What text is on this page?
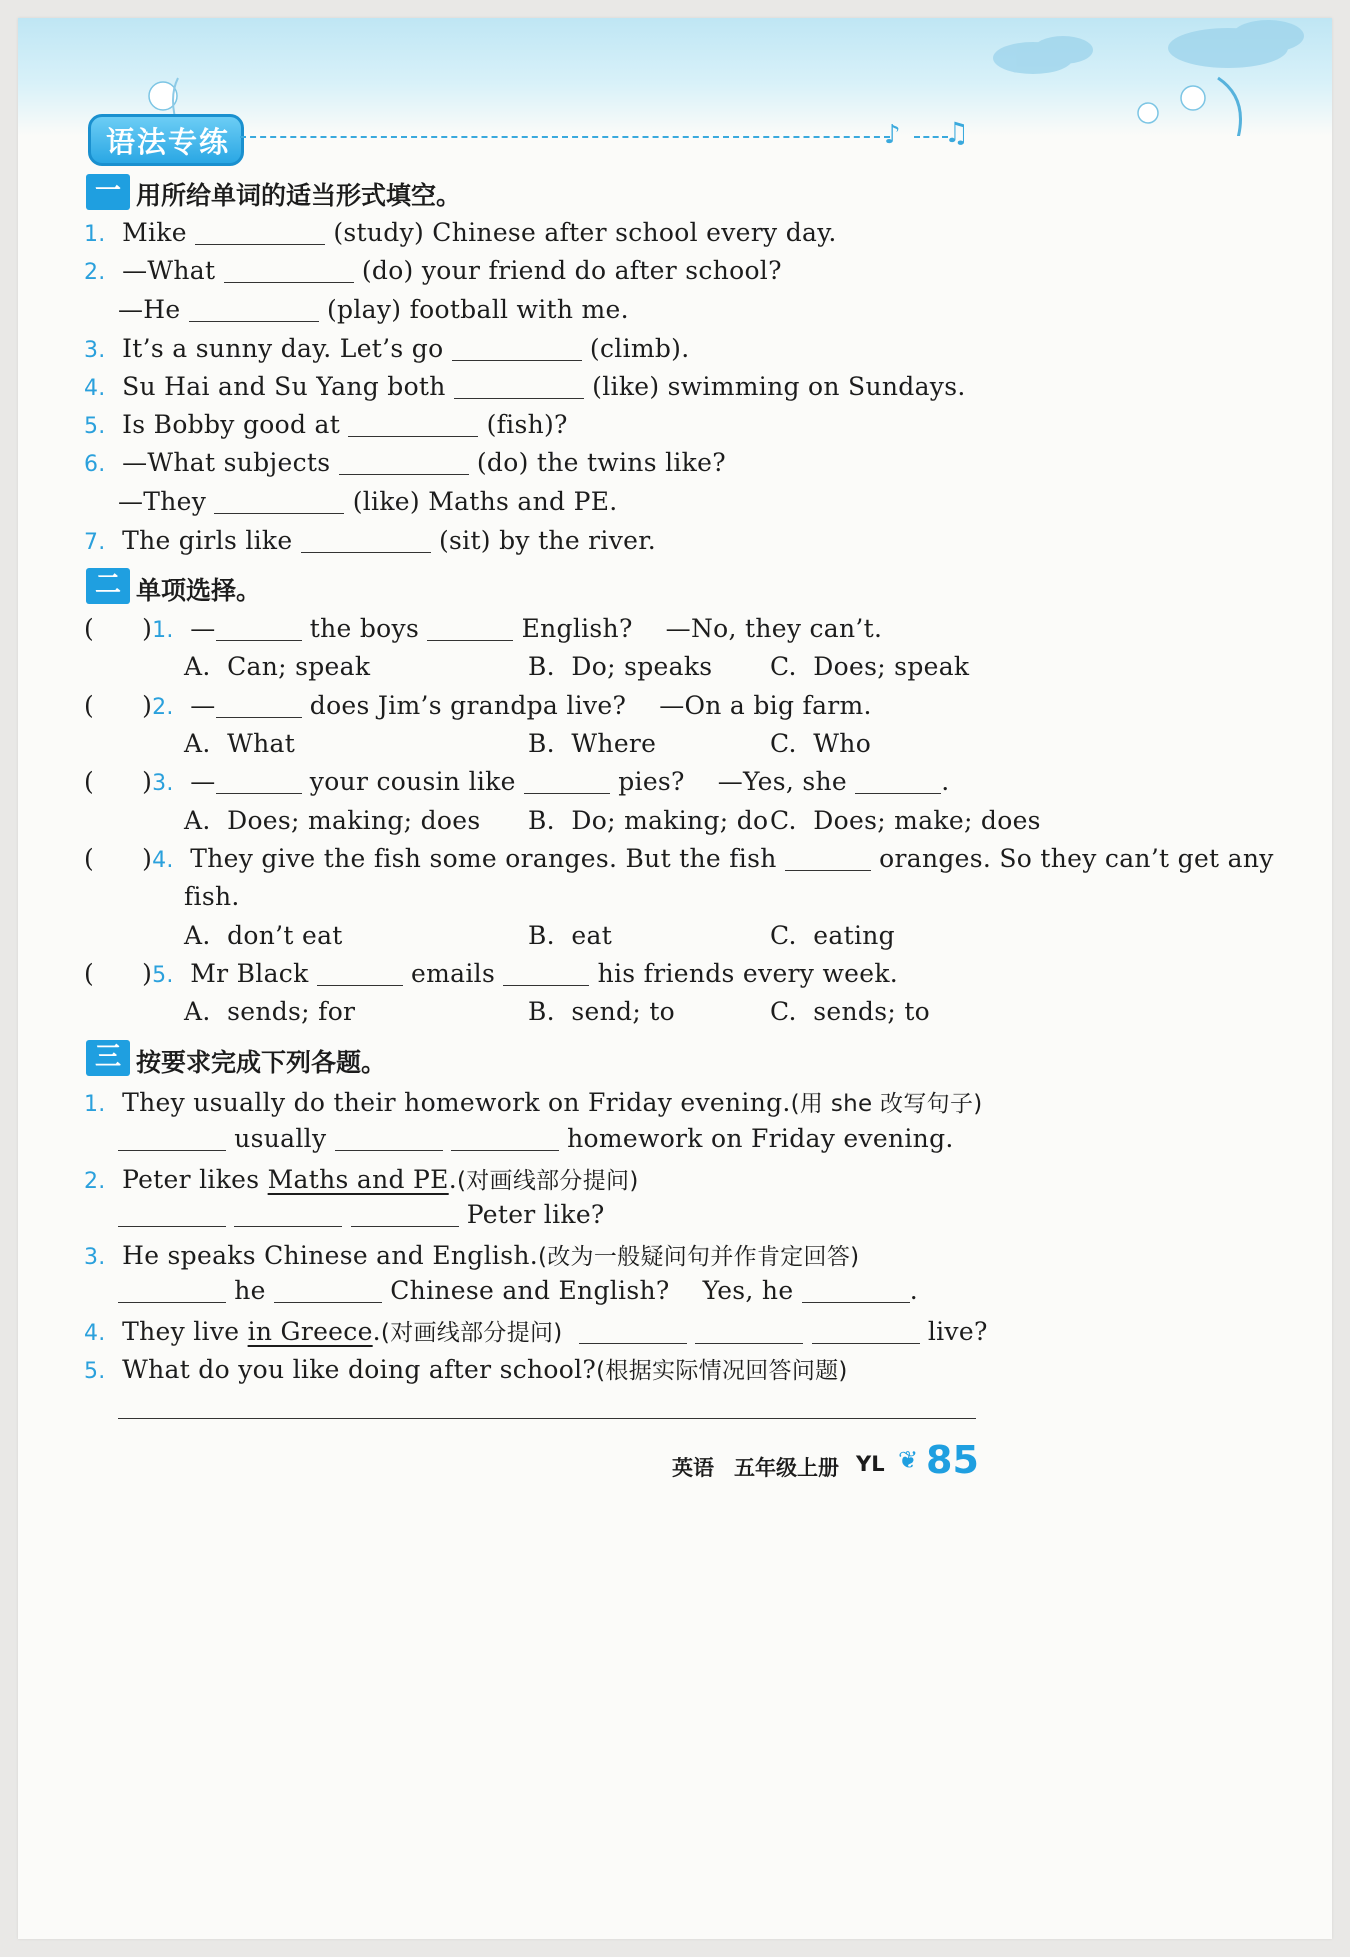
语法专练	♪ ♫
一 用所给单词的适当形式填空。
1. Mike	(study) Chinese after school every day.
2. —What	(do) your friend do after school?
—He	(play) football with me.
3. It’s a sunny day. Let’s go	(climb).
4. Su Hai and Su Yang both	(like) swimming on Sundays.
5. Is Bobby good at	(fish)?
6. —What subjects	(do) the twins like?
—They	(like) Maths and PE.
7. The girls like	(sit) by the river.
二 单项选择。
( )1. —	the boys	English? —No, they can’t.
A. Can; speak	B. Do; speaks C. Does; speak
( )2. —	does Jim’s grandpa live? —On a big farm.
A. What	B. Where	C. Who
( )3. —	your cousin like	pies? —Yes, she	.
A. Does; making; does B. Do; making; do C. Does; make; does
( )4. They give the fish some oranges. But the fish	oranges. So they can’t get any
fish.
A. don’t eat	B. eat	C. eating
( )5. Mr Black	emails	his friends every week.
A. sends; for	B. send; to	C. sends; to
三 按要求完成下列各题。
1. They usually do their homework on Friday evening.(用 she 改写句子)
usually	homework on Friday evening.
2. Peter likes Maths and PE.(对画线部分提问)
Peter like?
3. He speaks Chinese and English.(改为一般疑问句并作肯定回答)
he	Chinese and English? Yes, he	.
4. They live in Greece.(对画线部分提问)	live?
5. What do you like doing after school?(根据实际情况回答问题)
英语 五年级上册 YL ❦ 85
